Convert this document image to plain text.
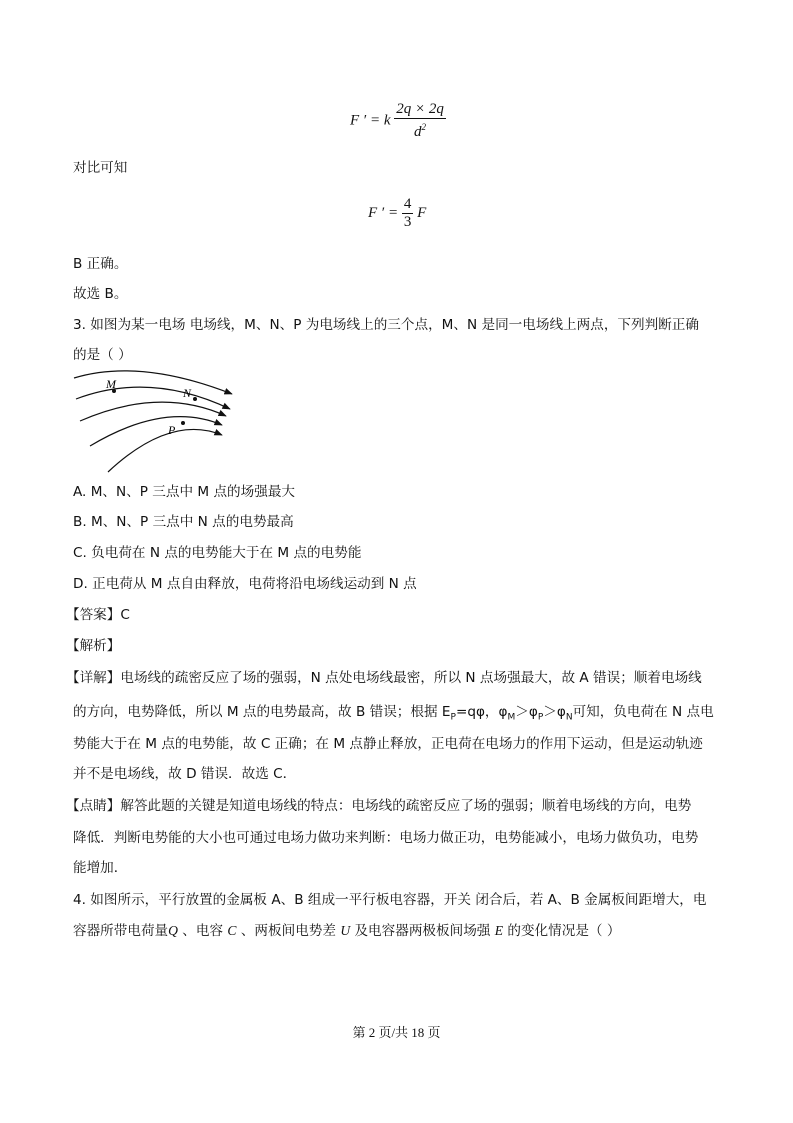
F ′ = k $\frac{2q \times 2q}{d^2}$
对比可知
F ′ = $\frac{4}{3}$ F
B 正确。
故选 B。
3. 如图为某一电场 电场线，M、N、P 为电场线上的三个点，M、N 是同一电场线上两点，下列判断正确
的是（ ）
M
N
P
A. M、N、P 三点中 M 点的场强最大
B. M、N、P 三点中 N 点的电势最高
C. 负电荷在 N 点的电势能大于在 M 点的电势能
D. 正电荷从 M 点自由释放，电荷将沿电场线运动到 N 点
【答案】C
【解析】
【详解】电场线的疏密反应了场的强弱，N 点处电场线最密，所以 N 点场强最大，故 A 错误；顺着电场线
的方向，电势降低，所以 M 点的电势最高，故 B 错误；根据 $E_P=q\varphi$，$\varphi_M>\varphi_P>\varphi_N$可知，负电荷在 N 点电
势能大于在 M 点的电势能，故 C 正确；在 M 点静止释放，正电荷在电场力的作用下运动，但是运动轨迹
并不是电场线，故 D 错误．故选 C．
【点睛】解答此题的关键是知道电场线的特点：电场线的疏密反应了场的强弱；顺着电场线的方向，电势
降低．判断电势能的大小也可通过电场力做功来判断：电场力做正功，电势能减小，电场力做负功，电势
能增加．
4. 如图所示，平行放置的金属板 A、B 组成一平行板电容器，开关 闭合后，若 A、B 金属板间距增大，电
容器所带电荷量Q 、电容 C 、两板间电势差 U 及电容器两极板间场强 E 的变化情况是（ ）
第 2 页/共 18 页
